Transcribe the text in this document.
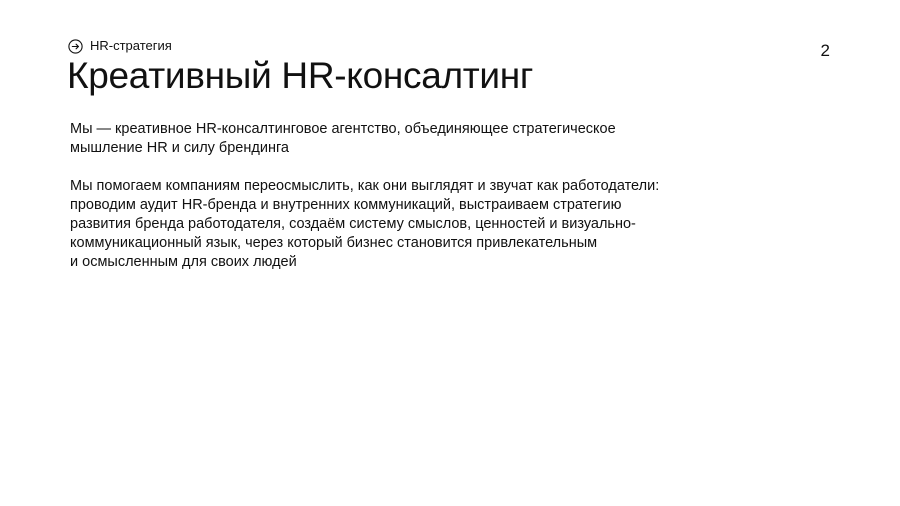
HR-стратегия	2
Креативный HR-консалтинг

Мы — креативное HR-консалтинговое агентство, объединяющее стратегическое
мышление HR и силу брендинга

Мы помогаем компаниям переосмыслить, как они выглядят и звучат как работодатели:
проводим аудит HR-бренда и внутренних коммуникаций, выстраиваем стратегию
развития бренда работодателя, создаём систему смыслов, ценностей и визуально-
коммуникационный язык, через который бизнес становится привлекательным
и осмысленным для своих людей
